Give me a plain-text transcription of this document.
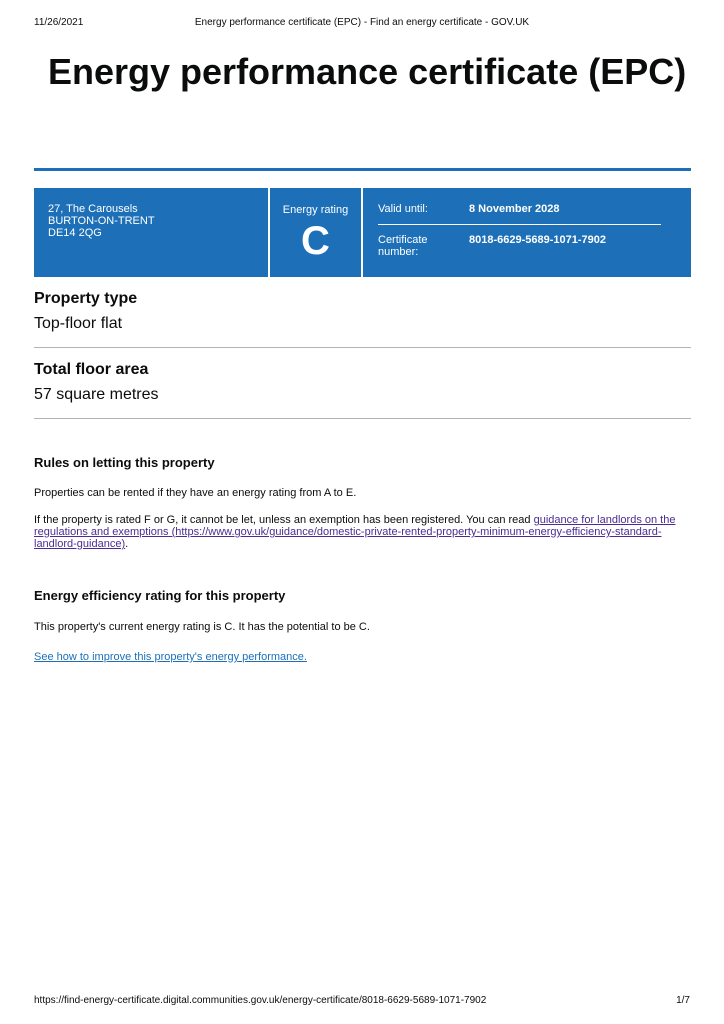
11/26/2021	Energy performance certificate (EPC) - Find an energy certificate - GOV.UK
Energy performance certificate (EPC)
27, The Carousels
BURTON-ON-TRENT
DE14 2QG
Energy rating
C
Valid until:	8 November 2028
Certificate number:
8018-6629-5689-1071-7902
Property type
Top-floor flat
Total floor area
57 square metres
Rules on letting this property
Properties can be rented if they have an energy rating from A to E.
If the property is rated F or G, it cannot be let, unless an exemption has been registered. You can read guidance for landlords on the regulations and exemptions (https://www.gov.uk/guidance/domestic-private-rented-property-minimum-energy-efficiency-standard-landlord-guidance).
Energy efficiency rating for this property
This property's current energy rating is C. It has the potential to be C.
See how to improve this property's energy performance.
https://find-energy-certificate.digital.communities.gov.uk/energy-certificate/8018-6629-5689-1071-7902	1/7
